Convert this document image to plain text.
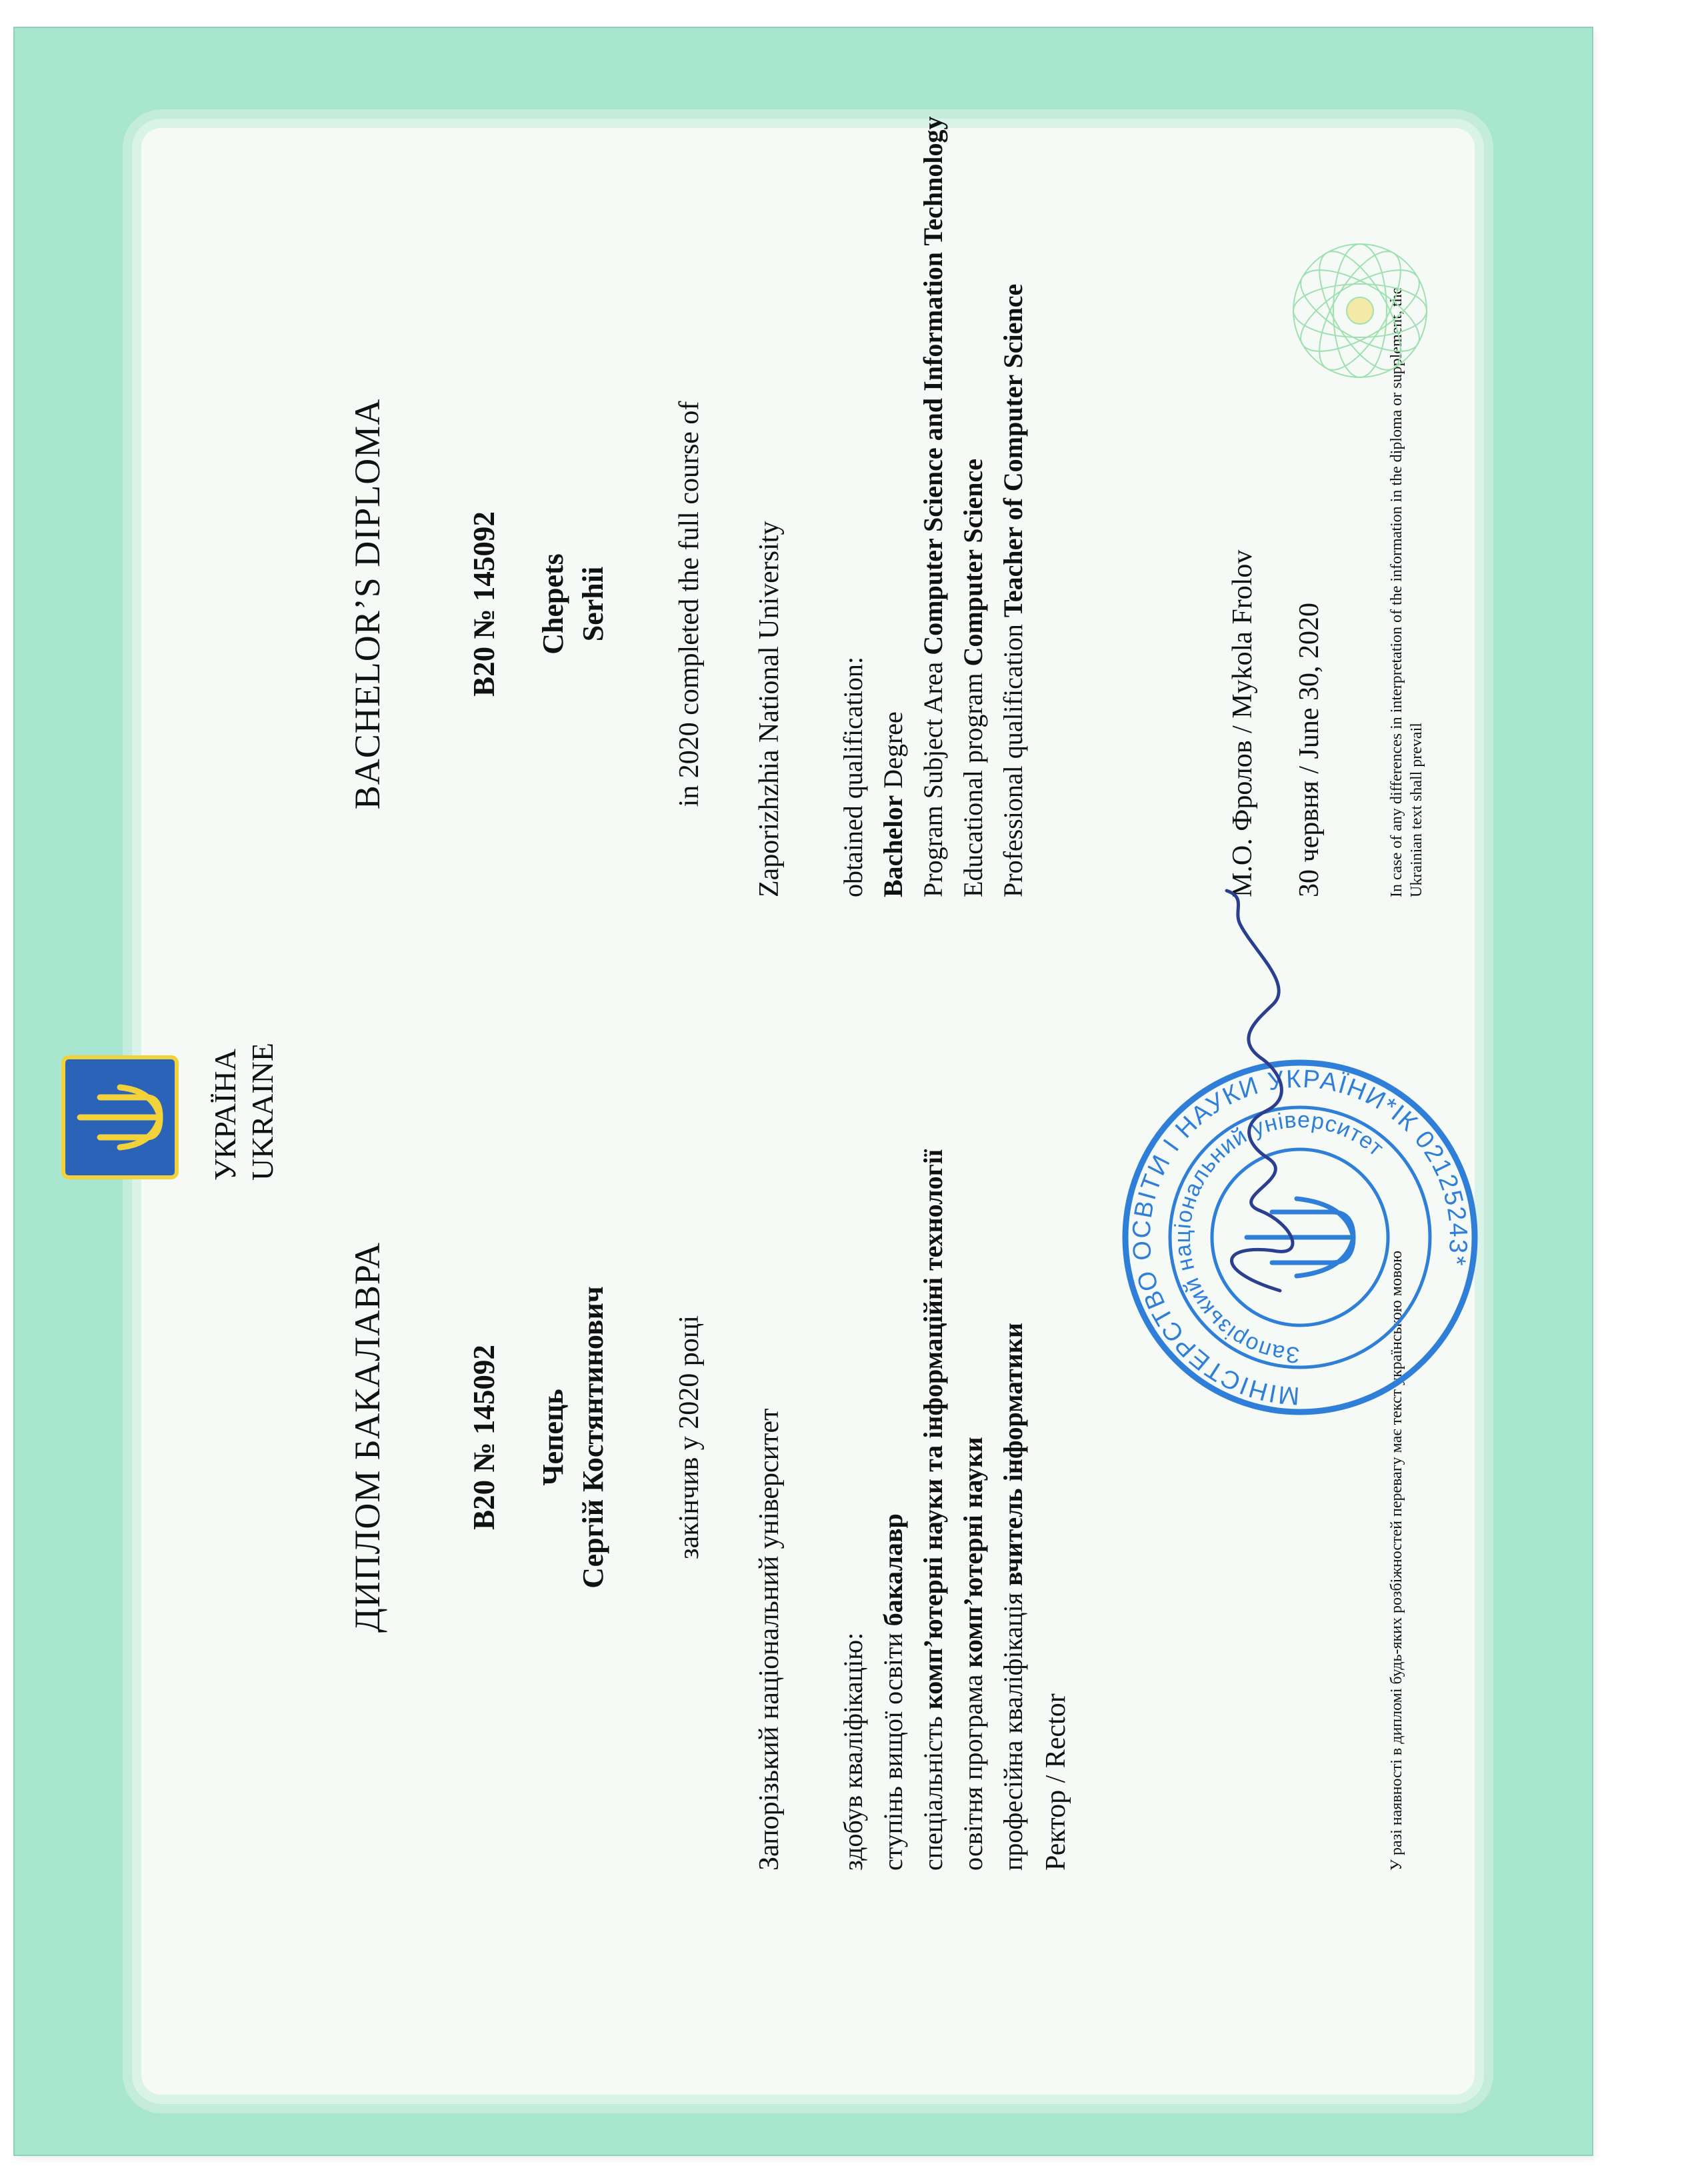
УКРАЇНА UKRAINE
ДИПЛОМ БАКАЛАВРА	B20 № 145092 Чепець Сергій Костянтинович закінчив у 2020 році Запорізький національний університет здобув кваліфікацію: ступінь вищої освіти бакалавр

спеціальність комп’ютерні науки та інформаційні технології

освітня програма комп’ютерні науки

професійна кваліфікація вчитель інформатики

Ректор / Rector	У разі наявності в дипломі будь-яких розбіжностей перевагу має текст українською мовою
BACHELOR’S DIPLOMA	B20 № 145092 Chepets Serhii in 2020 completed the full course of Zaporizhzhia National University obtained qualification: Bachelor Degree Program Subject Area Computer Science and Information Technology

Educational program Computer Science

Professional qualification Teacher of Computer Science

М.О. Фролов / Mykola Frolov 30 червня / June 30, 2020	In case of any differences in interpretation of the information in the diploma or supplement, the Ukrainian text shall prevail
МІНІСТЕРСТВО ОСВІТИ І НАУКИ УКРАЇНИ*ІК 02125243*
Запорізький національний університет
